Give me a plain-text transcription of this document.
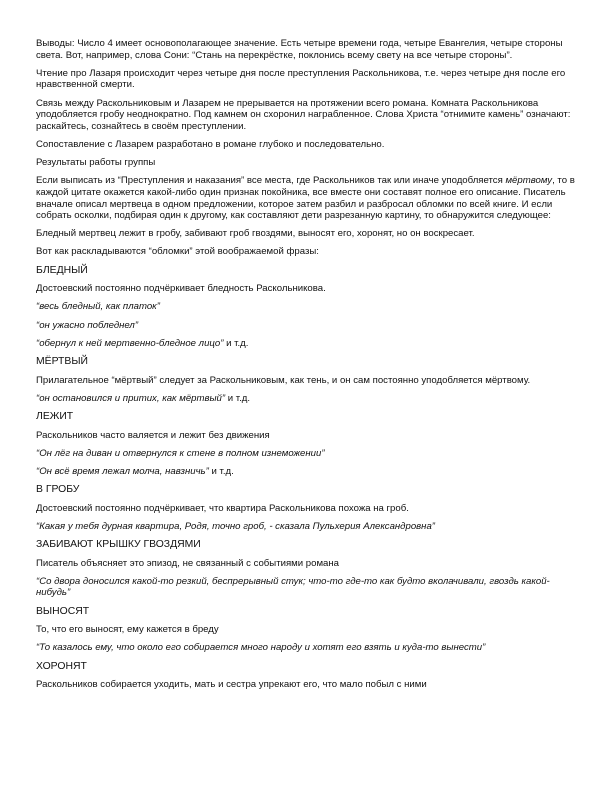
Выводы: Число 4 имеет основополагающее значение. Есть четыре времени года, четыре Евангелия, четыре стороны света. Вот, например, слова Сони: “Стань на перекрёстке, поклонись всему свету на все четыре стороны”.

Чтение про Лазаря происходит через четыре дня после преступления Раскольникова, т.е. через четыре дня после его нравственной смерти.

Связь между Раскольниковым и Лазарем не прерывается на протяжении всего романа. Комната Раскольникова уподобляется гробу неоднократно. Под камнем он схоронил награбленное. Слова Христа “отнимите камень” означают: раскайтесь, сознайтесь в своём преступлении.

Сопоставление с Лазарем разработано в романе глубоко и последовательно.

Результаты работы группы

Если выписать из “Преступления и наказания” все места, где Раскольников так или иначе уподобляется мёртвому, то в каждой цитате окажется какой-либо один признак покойника, все вместе они составят полное его описание. Писатель вначале описал мертвеца в одном предложении, которое затем разбил и разбросал обломки по всей книге. И если собрать осколки, подбирая один к другому, как составляют дети разрезанную картину, то обнаружится следующее:

Бледный мертвец лежит в гробу, забивают гроб гвоздями, выносят его, хоронят, но он воскресает.

Вот как раскладываются “обломки” этой воображаемой фразы:

БЛЕДНЫЙ

Достоевский постоянно подчёркивает бледность Раскольникова.

“весь бледный, как платок”

“он ужасно побледнел”

“обернул к ней мертвенно-бледное лицо” и т.д.

МЁРТВЫЙ

Прилагательное “мёртвый” следует за Раскольниковым, как тень, и он сам постоянно уподобляется мёртвому.

“он остановился и притих, как мёртвый” и т.д.

ЛЕЖИТ

Раскольников часто валяется и лежит без движения

“Он лёг на диван и отвернулся к стене в полном изнеможении”

“Он всё время лежал молча, навзничь” и т.д.

В ГРОБУ

Достоевский постоянно подчёркивает, что квартира Раскольникова похожа на гроб.

“Какая у тебя дурная квартира, Родя, точно гроб, - сказала Пульхерия Александровна”

ЗАБИВАЮТ КРЫШКУ ГВОЗДЯМИ

Писатель объясняет это эпизод, не связанный с событиями романа

“Со двора доносился какой-то резкий, беспрерывный стук; что-то где-то как будто вколачивали, гвоздь какой-нибудь”

ВЫНОСЯТ

То, что его выносят, ему кажется в бреду

“То казалось ему, что около его собирается много народу и хотят его взять и куда-то вынести”

ХОРОНЯТ

Раскольников собирается уходить, мать и сестра упрекают его, что мало побыл с ними
